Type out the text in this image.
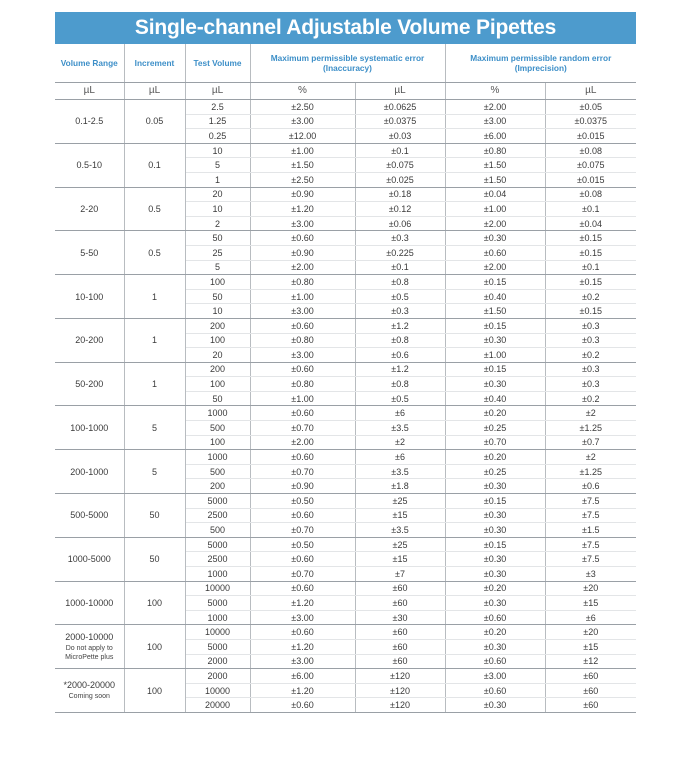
Single-channel Adjustable Volume Pipettes
Volume Range	Increment	Test Volume	Maximum permissible systematic error (Inaccuracy)		Maximum permissible random error (Imprecision)	
µL	µL	µL	%	µL	%	µL
0.1-2.5	0.05	2.5	±2.50	±0.0625	±2.00	±0.05
		1.25	±3.00	±0.0375	±3.00	±0.0375
		0.25	±12.00	±0.03	±6.00	±0.015
0.5-10	0.1	10	±1.00	±0.1	±0.80	±0.08
		5	±1.50	±0.075	±1.50	±0.075
		1	±2.50	±0.025	±1.50	±0.015
2-20	0.5	20	±0.90	±0.18	±0.04	±0.08
		10	±1.20	±0.12	±1.00	±0.1
		2	±3.00	±0.06	±2.00	±0.04
5-50	0.5	50	±0.60	±0.3	±0.30	±0.15
		25	±0.90	±0.225	±0.60	±0.15
		5	±2.00	±0.1	±2.00	±0.1
10-100	1	100	±0.80	±0.8	±0.15	±0.15
		50	±1.00	±0.5	±0.40	±0.2
		10	±3.00	±0.3	±1.50	±0.15
20-200	1	200	±0.60	±1.2	±0.15	±0.3
		100	±0.80	±0.8	±0.30	±0.3
		20	±3.00	±0.6	±1.00	±0.2
50-200	1	200	±0.60	±1.2	±0.15	±0.3
		100	±0.80	±0.8	±0.30	±0.3
		50	±1.00	±0.5	±0.40	±0.2
100-1000	5	1000	±0.60	±6	±0.20	±2
		500	±0.70	±3.5	±0.25	±1.25
		100	±2.00	±2	±0.70	±0.7
200-1000	5	1000	±0.60	±6	±0.20	±2
		500	±0.70	±3.5	±0.25	±1.25
		200	±0.90	±1.8	±0.30	±0.6
500-5000	50	5000	±0.50	±25	±0.15	±7.5
		2500	±0.60	±15	±0.30	±7.5
		500	±0.70	±3.5	±0.30	±1.5
1000-5000	50	5000	±0.50	±25	±0.15	±7.5
		2500	±0.60	±15	±0.30	±7.5
		1000	±0.70	±7	±0.30	±3
1000-10000	100	10000	±0.60	±60	±0.20	±20
		5000	±1.20	±60	±0.30	±15
		1000	±3.00	±30	±0.60	±6

2000-10000
Do not apply to MicroPette plus	100	10000	±0.60	±60	±0.20	±20
		5000	±1.20	±60	±0.30	±15
		2000	±3.00	±60	±0.60	±12

*2000-20000
Coming soon	100	2000	±6.00	±120	±3.00	±60
		10000	±1.20	±120	±0.60	±60
		20000	±0.60	±120	±0.30	±60
